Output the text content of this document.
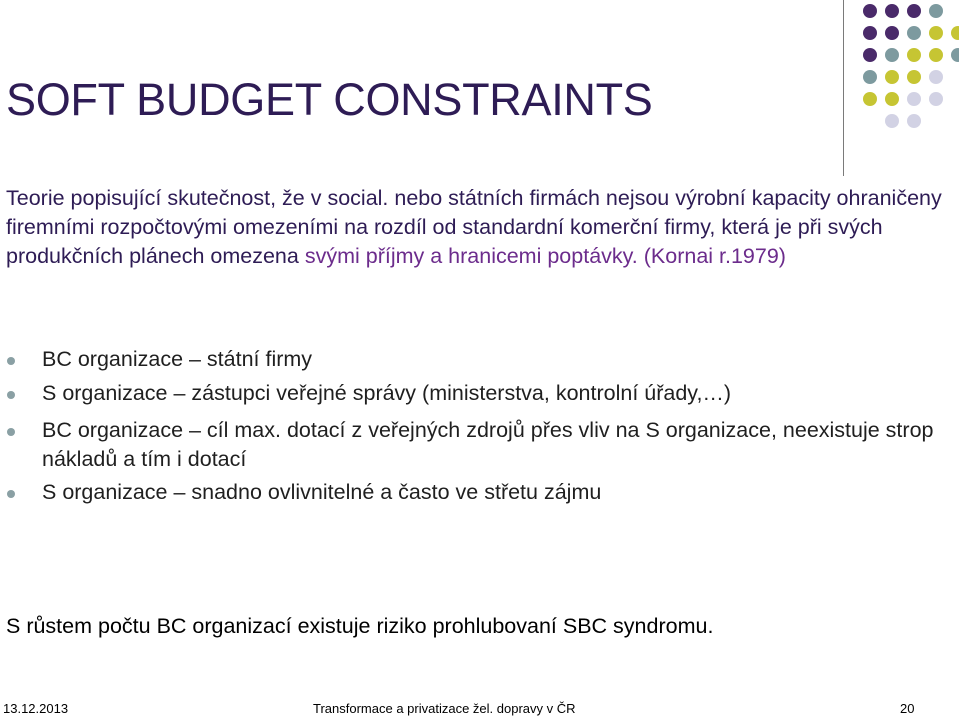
SOFT BUDGET CONSTRAINTS

Teorie popisující skutečnost, že v social. nebo státních firmách nejsou výrobní kapacity ohraničeny firemními rozpočtovými omezeními na rozdíl od standardní komerční firmy, která je při svých produkčních plánech omezena svými příjmy a hranicemi poptávky. (Kornai r.1979)

BC organizace – státní firmy
S organizace – zástupci veřejné správy (ministerstva, kontrolní úřady,…)
BC organizace – cíl max. dotací z veřejných zdrojů přes vliv na S organizace, neexistuje strop nákladů a tím i dotací
S organizace – snadno ovlivnitelné a často ve střetu zájmu

S růstem počtu BC organizací existuje riziko prohlubovaní SBC syndromu.

13.12.2013	Transformace a privatizace žel. dopravy v ČR	20
